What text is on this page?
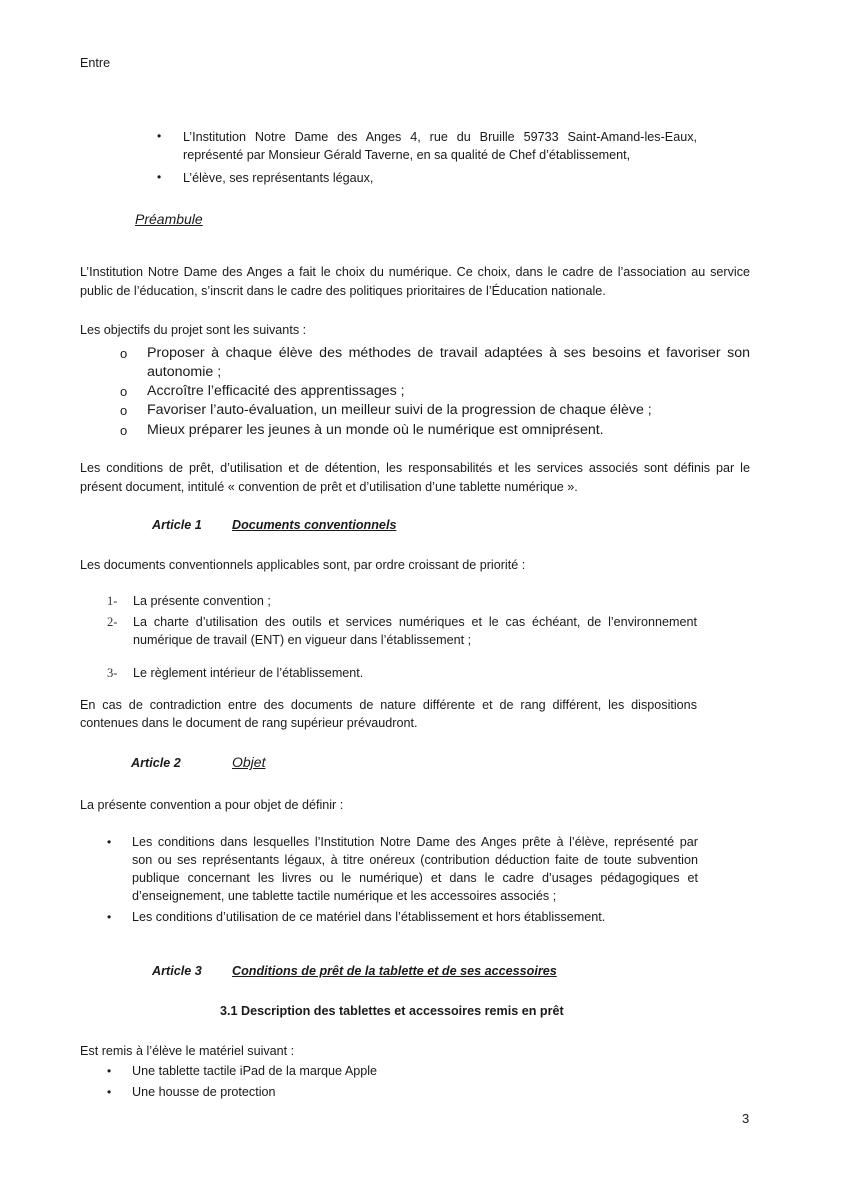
Entre
• L’Institution Notre Dame des Anges 4, rue du Bruille 59733 Saint-Amand-les-Eaux,
représenté par Monsieur Gérald Taverne, en sa qualité de Chef d’établissement,
• L’élève, ses représentants légaux,
Préambule
L’Institution Notre Dame des Anges a fait le choix du numérique. Ce choix, dans le cadre de l’association au service
public de l’éducation, s’inscrit dans le cadre des politiques prioritaires de l’Éducation nationale.
Les objectifs du projet sont les suivants :
o Proposer à chaque élève des méthodes de travail adaptées à ses besoins et favoriser son
autonomie ;
o Accroître l’efficacité des apprentissages ;
o Favoriser l’auto-évaluation, un meilleur suivi de la progression de chaque élève ;
o Mieux préparer les jeunes à un monde où le numérique est omniprésent.
Les conditions de prêt, d’utilisation et de détention, les responsabilités et les services associés sont définis par le
présent document, intitulé « convention de prêt et d’utilisation d’une tablette numérique ».
Article 1 Documents conventionnels
Les documents conventionnels applicables sont, par ordre croissant de priorité :
1- La présente convention ;
2- La charte d’utilisation des outils et services numériques et le cas échéant, de l’environnement
numérique de travail (ENT) en vigueur dans l’établissement ;
3- Le règlement intérieur de l’établissement.
En cas de contradiction entre des documents de nature différente et de rang différent, les dispositions
contenues dans le document de rang supérieur prévaudront.
Article 2	Objet
La présente convention a pour objet de définir :
• Les conditions dans lesquelles l’Institution Notre Dame des Anges prête à l’élève, représenté par
son ou ses représentants légaux, à titre onéreux (contribution déduction faite de toute subvention
publique concernant les livres ou le numérique) et dans le cadre d’usages pédagogiques et
d’enseignement, une tablette tactile numérique et les accessoires associés ;
• Les conditions d’utilisation de ce matériel dans l’établissement et hors établissement.
Article 3 Conditions de prêt de la tablette et de ses accessoires
3.1 Description des tablettes et accessoires remis en prêt
Est remis à l’élève le matériel suivant :
• Une tablette tactile iPad de la marque Apple
• Une housse de protection
3
